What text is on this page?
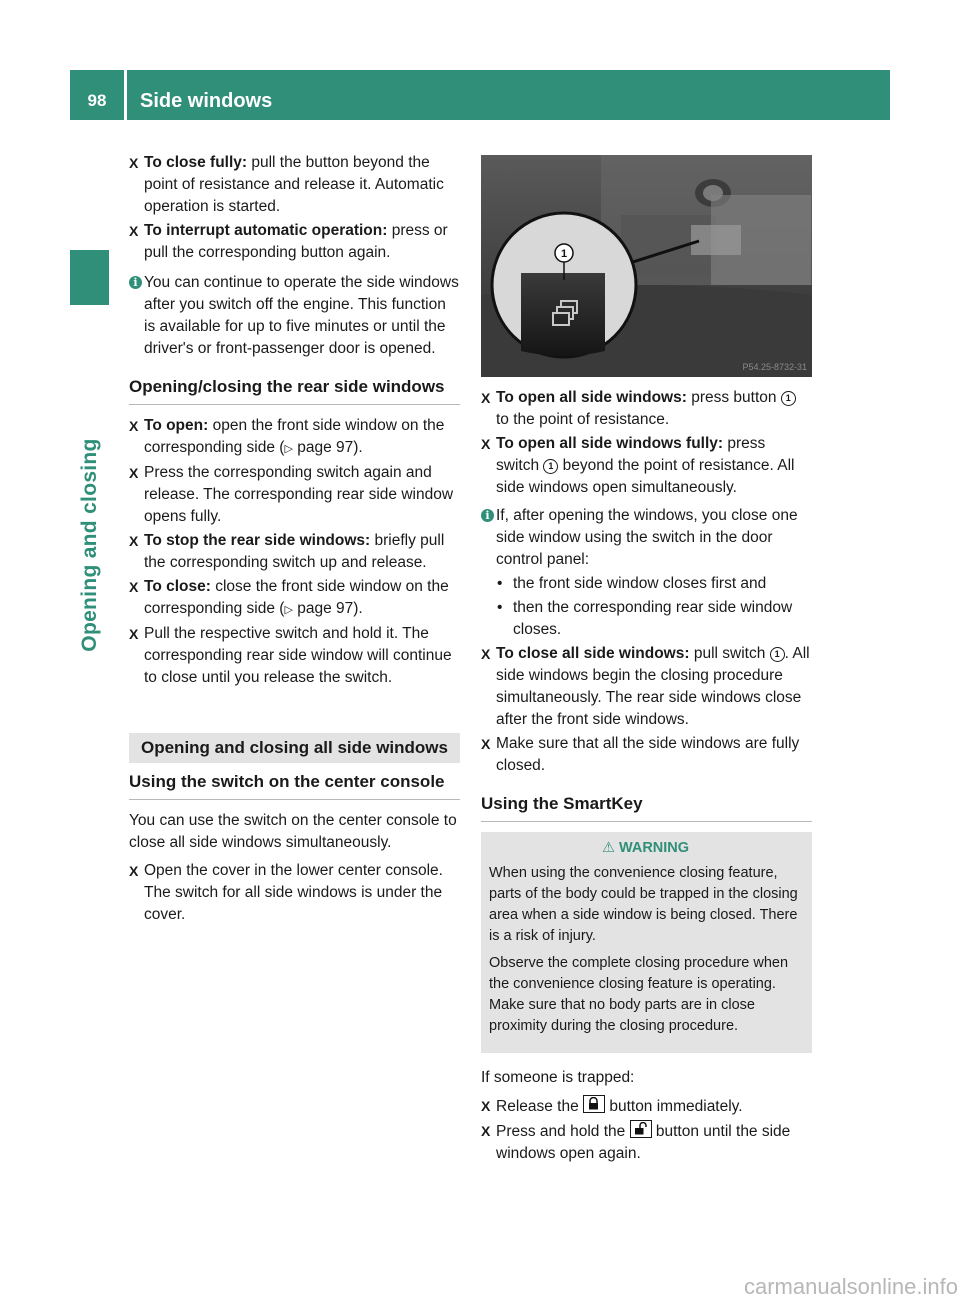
98	Side windows
Opening and closing

X To close fully: pull the button beyond the point of resistance and release it. Automatic operation is started.

X To interrupt automatic operation: press or pull the corresponding button again.

i You can continue to operate the side windows after you switch off the engine. This function is available for up to five minutes or until the driver's or front-passenger door is opened.

Opening/closing the rear side windows

X To open: open the front side window on the corresponding side (▷ page 97).

X Press the corresponding switch again and release. The corresponding rear side window opens fully.

X To stop the rear side windows: briefly pull the corresponding switch up and release.

X To close: close the front side window on the corresponding side (▷ page 97).

X Pull the respective switch and hold it. The corresponding rear side window will continue to close until you release the switch.

Opening and closing all side windows
Using the switch on the center console

You can use the switch on the center console to close all side windows simultaneously.

X Open the cover in the lower center console. The switch for all side windows is under the cover.

1
P54.25-8732-31

X To open all side windows: press button 1 to the point of resistance.

X To open all side windows fully: press switch 1 beyond the point of resistance. All side windows open simultaneously.

i If, after opening the windows, you close one side window using the switch in the door control panel:

• the front side window closes first and

• then the corresponding rear side window closes.

X To close all side windows: pull switch 1 . All side windows begin the closing procedure simultaneously. The rear side windows close after the front side windows.

X Make sure that all the side windows are fully closed.

Using the SmartKey
⚠ WARNING

When using the convenience closing feature, parts of the body could be trapped in the closing area when a side window is being closed. There is a risk of injury.

Observe the complete closing procedure when the convenience closing feature is operating. Make sure that no body parts are in close proximity during the closing procedure.

If someone is trapped:

X Release the
button immediately.

X Press and hold the
button until the side windows open again.

carmanualsonline.info
